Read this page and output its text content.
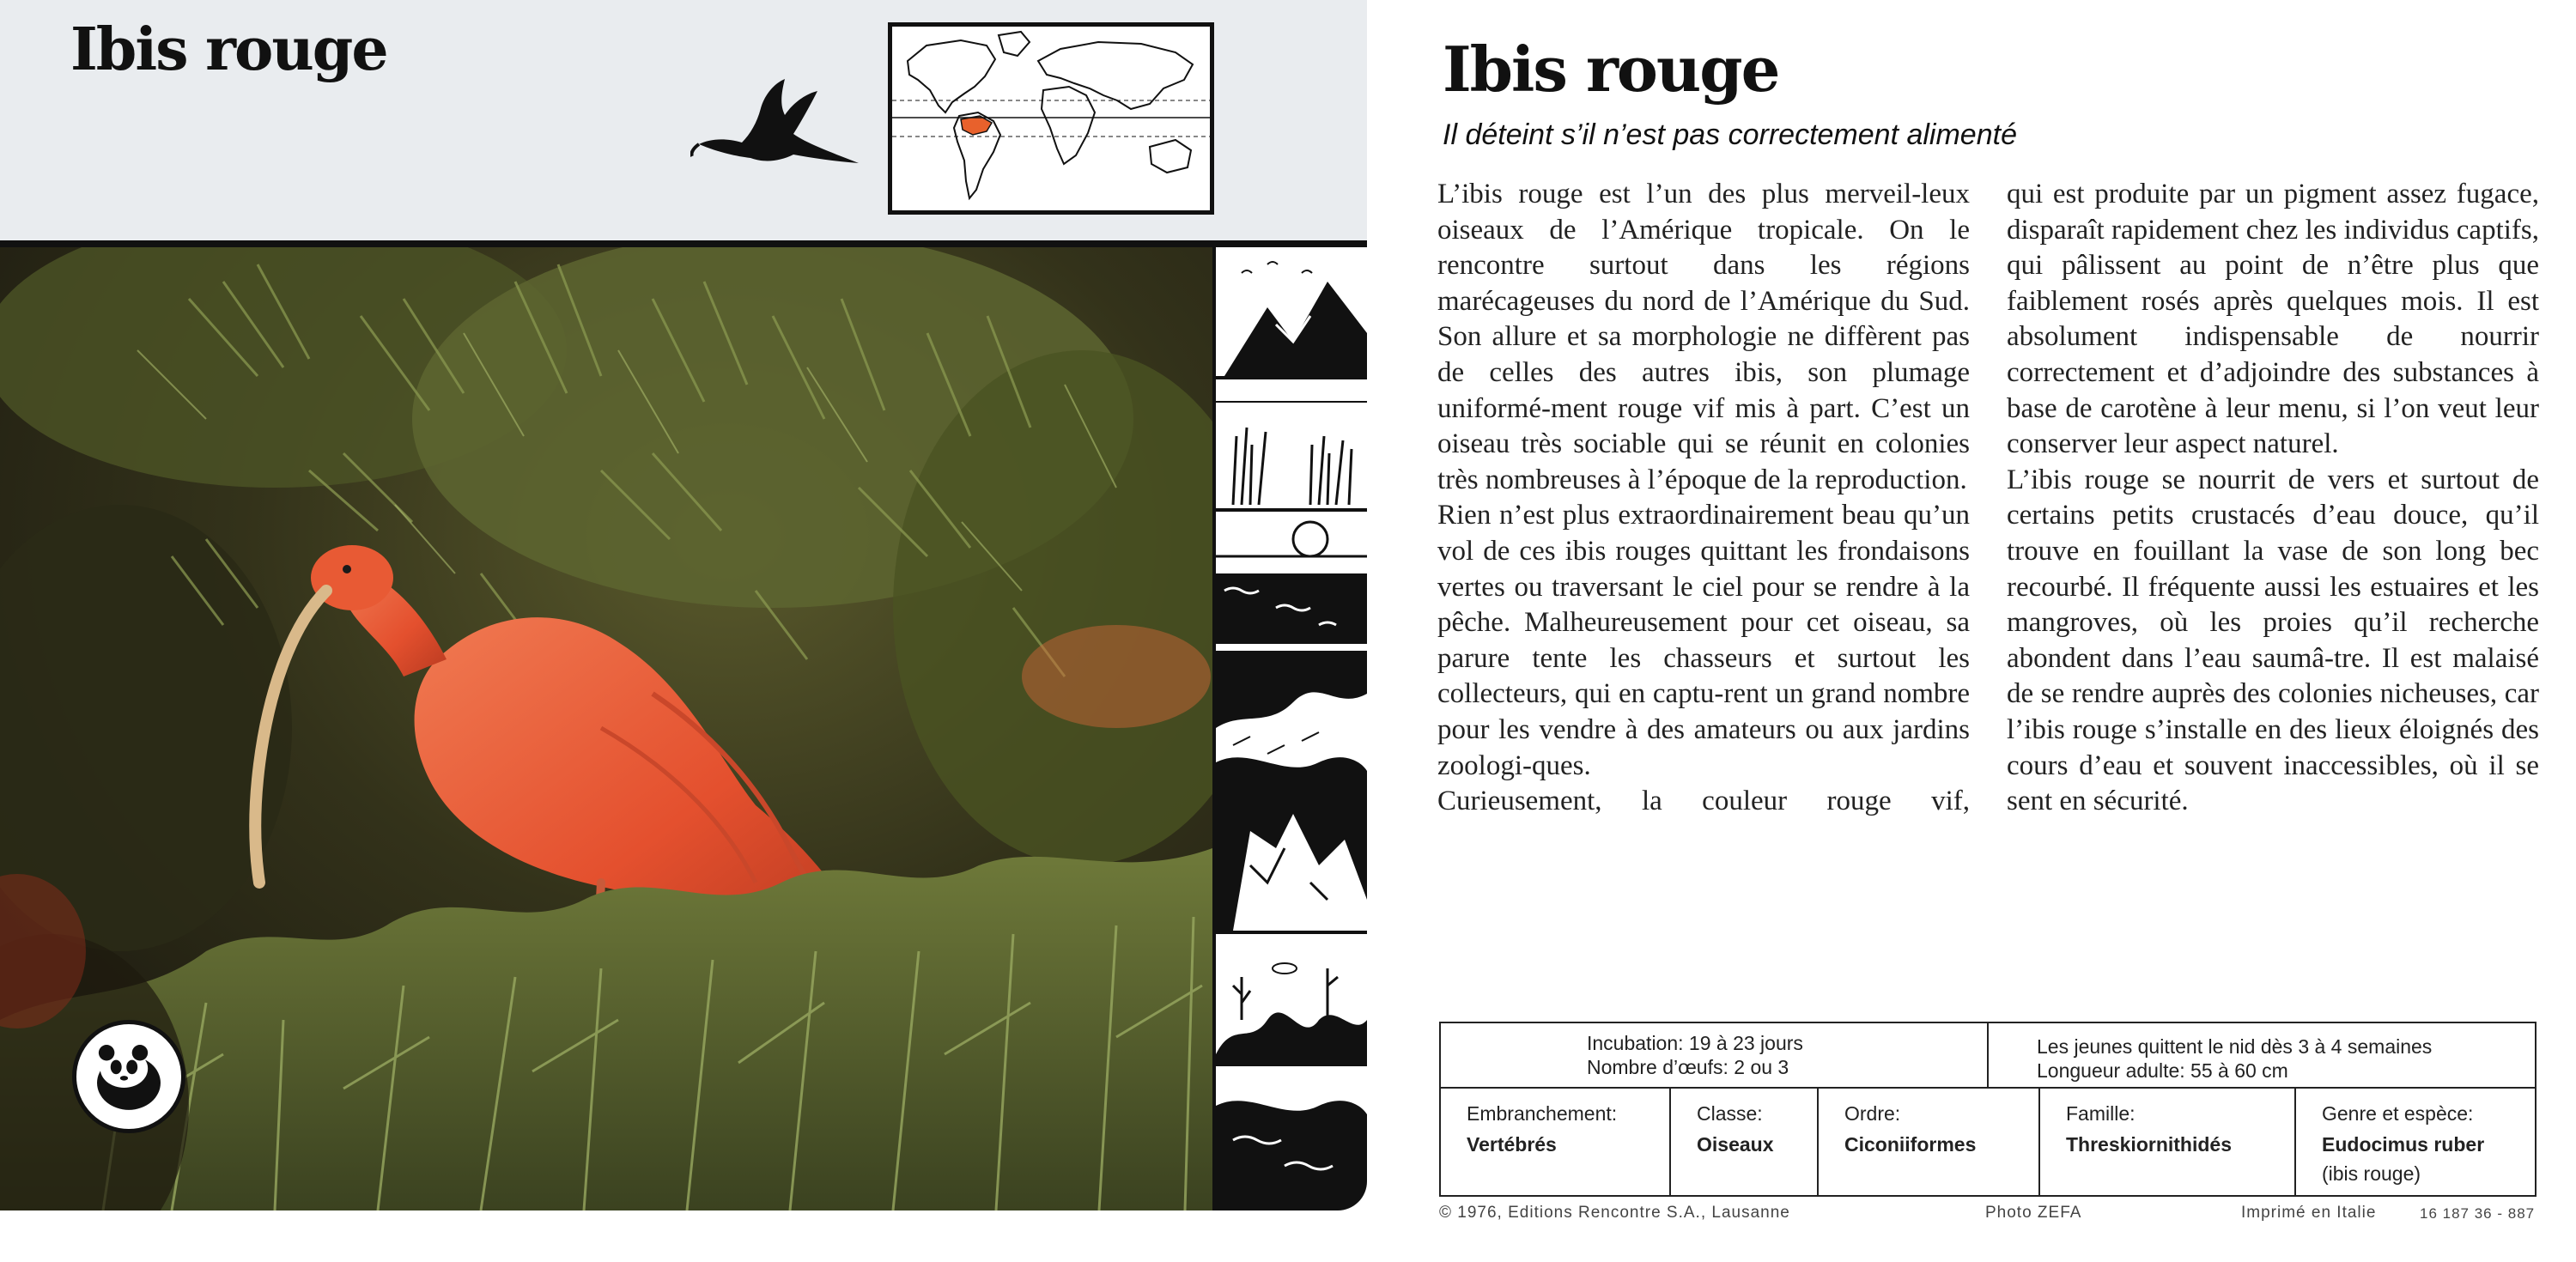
Ibis rouge	Ibis rouge
Il déteint s’il n’est pas correctement alimenté

L’ibis rouge est l’un des plus merveil-leux oiseaux de l’Amérique tropicale. On le rencontre surtout dans les régions marécageuses du nord de l’Amérique du Sud. Son allure et sa morphologie ne diffèrent pas de celles des autres ibis, son plumage uniformé-ment rouge vif mis à part. C’est un oiseau très sociable qui se réunit en colonies très nombreuses à l’époque de la reproduction.

Rien n’est plus extraordinairement beau qu’un vol de ces ibis rouges quittant les frondaisons vertes ou traversant le ciel pour se rendre à la pêche. Malheureusement pour cet oiseau, sa parure tente les chasseurs et surtout les collecteurs, qui en captu-rent un grand nombre pour les vendre à des amateurs ou aux jardins zoologi-ques.

Curieusement, la couleur rouge vif,

qui est produite par un pigment assez fugace, disparaît rapidement chez les individus captifs, qui pâlissent au point de n’être plus que faiblement rosés après quelques mois. Il est absolument indispensable de nourrir correctement et d’adjoindre des substances à base de carotène à leur menu, si l’on veut leur conserver leur aspect naturel.

L’ibis rouge se nourrit de vers et surtout de certains petits crustacés d’eau douce, qu’il trouve en fouillant la vase de son long bec recourbé. Il fréquente aussi les estuaires et les mangroves, où les proies qu’il recherche abondent dans l’eau saumâ-tre. Il est malaisé de se rendre auprès des colonies nicheuses, car l’ibis rouge s’installe en des lieux éloignés des cours d’eau et souvent inaccessibles, où il se sent en sécurité.

Incubation: 19 à 23 jours
Nombre d’œufs: 2 ou 3
Les jeunes quittent le nid dès 3 à 4 semaines
Longueur adulte: 55 à 60 cm
Embranchement:
Vertébrés
Classe:
Oiseaux
Ordre:
Ciconiiformes
Famille:
Threskiornithidés
Genre et espèce:
Eudocimus ruber
(ibis rouge)
© 1976, Editions Rencontre S.A., Lausanne	Photo ZEFA	Imprimé en Italie	16 187 36 - 887
